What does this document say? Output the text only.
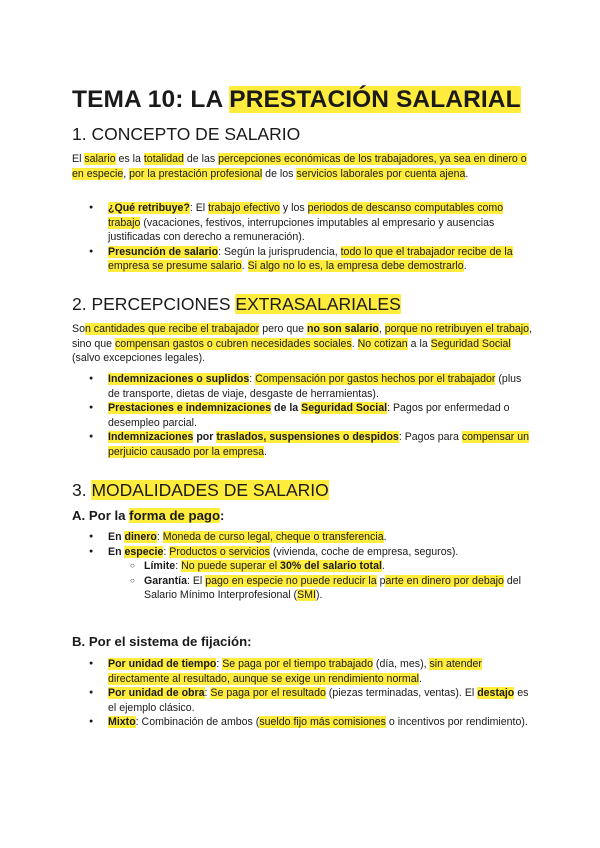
TEMA 10: LA PRESTACIÓN SALARIAL
1. CONCEPTO DE SALARIO

El salario es la totalidad de las percepciones económicas de los trabajadores, ya sea en dinero o en especie, por la prestación profesional de los servicios laborales por cuenta ajena.

● ¿Qué retribuye?: El trabajo efectivo y los periodos de descanso computables como trabajo (vacaciones, festivos, interrupciones imputables al empresario y ausencias justificadas con derecho a remuneración).
● Presunción de salario: Según la jurisprudencia, todo lo que el trabajador recibe de la empresa se presume salario. Si algo no lo es, la empresa debe demostrarlo.
2. PERCEPCIONES EXTRASALARIALES

Son cantidades que recibe el trabajador pero que no son salario, porque no retribuyen el trabajo, sino que compensan gastos o cubren necesidades sociales. No cotizan a la Seguridad Social (salvo excepciones legales).

● Indemnizaciones o suplidos: Compensación por gastos hechos por el trabajador (plus de transporte, dietas de viaje, desgaste de herramientas).
● Prestaciones e indemnizaciones de la Seguridad Social: Pagos por enfermedad o desempleo parcial.
● Indemnizaciones por traslados, suspensiones o despidos: Pagos para compensar un perjuicio causado por la empresa.
3. MODALIDADES DE SALARIO
A. Por la forma de pago:
● En dinero: Moneda de curso legal, cheque o transferencia.
● En especie: Productos o servicios (vivienda, coche de empresa, seguros).
○ Límite: No puede superar el 30% del salario total.
○ Garantía: El pago en especie no puede reducir la parte en dinero por debajo del Salario Mínimo Interprofesional (SMI).
B. Por el sistema de fijación:
● Por unidad de tiempo: Se paga por el tiempo trabajado (día, mes), sin atender directamente al resultado, aunque se exige un rendimiento normal.
● Por unidad de obra: Se paga por el resultado (piezas terminadas, ventas). El destajo es el ejemplo clásico.
● Mixto: Combinación de ambos (sueldo fijo más comisiones o incentivos por rendimiento).
